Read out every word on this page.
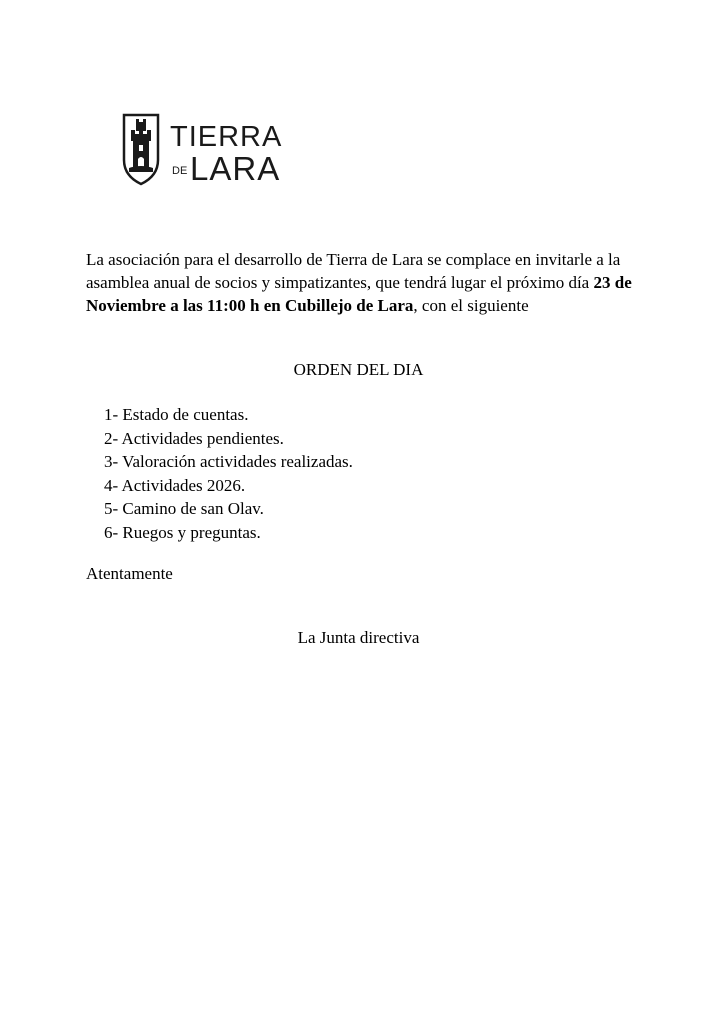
TIERRA
DE LARA

La asociación para el desarrollo de Tierra de Lara se complace en invitarle a la asamblea anual de socios y simpatizantes, que tendrá lugar el próximo día 23 de Noviembre a las 11:00 h en Cubillejo de Lara, con el siguiente

ORDEN DEL DIA

1- Estado de cuentas.
2- Actividades pendientes.
3- Valoración actividades realizadas.
4- Actividades 2026.
5- Camino de san Olav.
6- Ruegos y preguntas.

Atentamente

La Junta directiva
